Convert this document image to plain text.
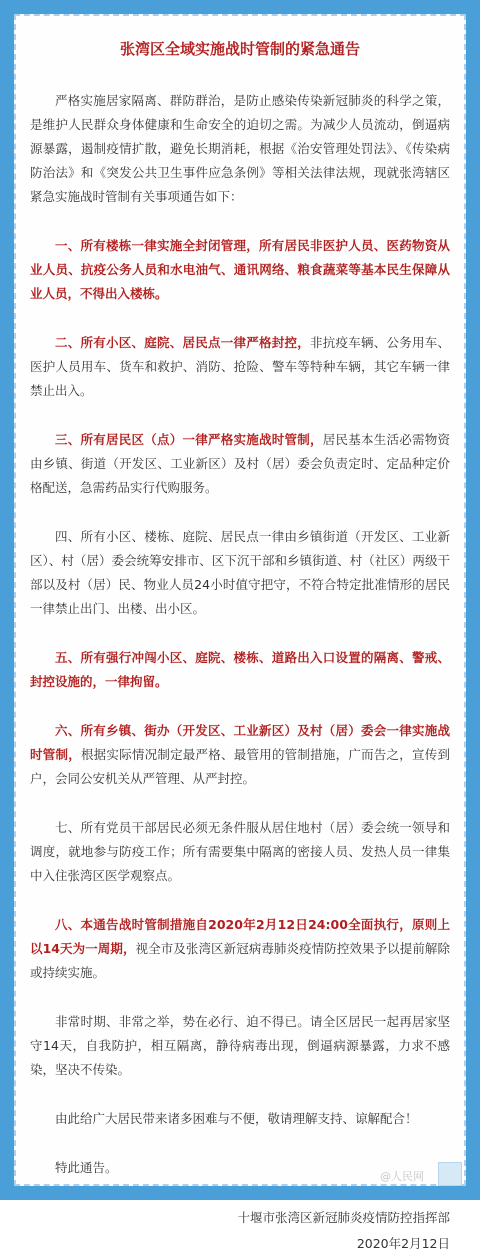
张湾区全域实施战时管制的紧急通告

严格实施居家隔离、群防群治，是防止感染传染新冠肺炎的科学之策，是维护人民群众身体健康和生命安全的迫切之需。为减少人员流动，倒逼病源暴露，遏制疫情扩散，避免长期消耗，根据《治安管理处罚法》、《传染病防治法》和《突发公共卫生事件应急条例》等相关法律法规，现就张湾辖区紧急实施战时管制有关事项通告如下：

一、所有楼栋一律实施全封闭管理，所有居民非医护人员、医药物资从业人员、抗疫公务人员和水电油气、通讯网络、粮食蔬菜等基本民生保障从业人员，不得出入楼栋。

二、所有小区、庭院、居民点一律严格封控，非抗疫车辆、公务用车、医护人员用车、货车和救护、消防、抢险、警车等特种车辆，其它车辆一律禁止出入。

三、所有居民区（点）一律严格实施战时管制，居民基本生活必需物资由乡镇、街道（开发区、工业新区）及村（居）委会负责定时、定品种定价格配送，急需药品实行代购服务。

四、所有小区、楼栋、庭院、居民点一律由乡镇街道（开发区、工业新区）、村（居）委会统筹安排市、区下沉干部和乡镇街道、村（社区）两级干部以及村（居）民、物业人员24小时值守把守，不符合特定批准情形的居民一律禁止出门、出楼、出小区。

五、所有强行冲闯小区、庭院、楼栋、道路出入口设置的隔离、警戒、封控设施的，一律拘留。

六、所有乡镇、街办（开发区、工业新区）及村（居）委会一律实施战时管制，根据实际情况制定最严格、最管用的管制措施，广而告之，宣传到户，会同公安机关从严管理、从严封控。

七、所有党员干部居民必须无条件服从居住地村（居）委会统一领导和调度，就地参与防疫工作；所有需要集中隔离的密接人员、发热人员一律集中入住张湾区医学观察点。

八、本通告战时管制措施自2020年2月12日24:00全面执行，原则上以14天为一周期，视全市及张湾区新冠病毒肺炎疫情防控效果予以提前解除或持续实施。

非常时期、非常之举，势在必行、迫不得已。请全区居民一起再居家坚守14天，自我防护，相互隔离，静待病毒出现，倒逼病源暴露，力求不感染，坚决不传染。

由此给广大居民带来诸多困难与不便，敬请理解支持、谅解配合！

特此通告。

十堰市张湾区新冠肺炎疫情防控指挥部
2020年2月12日
@人民网
